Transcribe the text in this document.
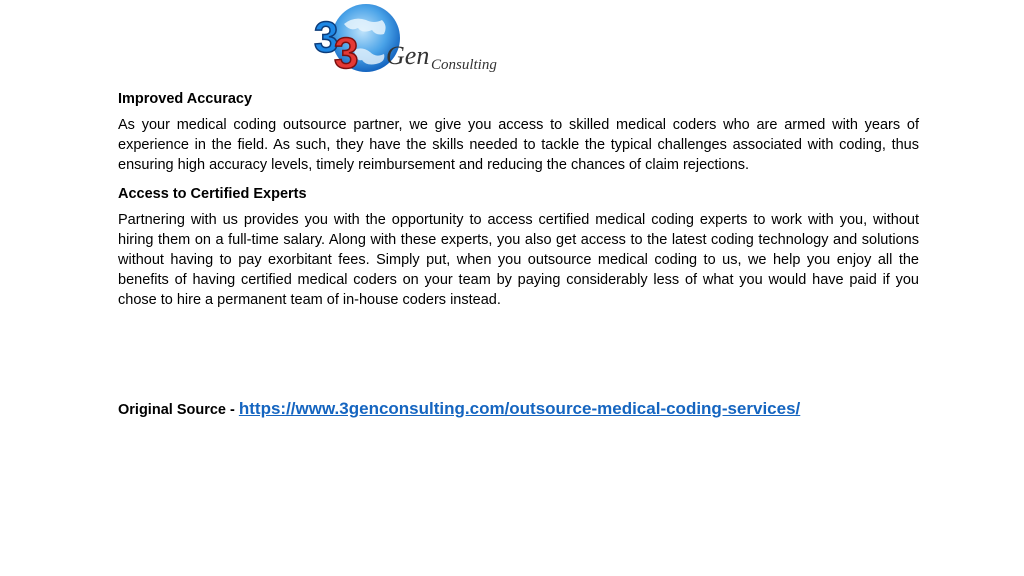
3
3 Gen Consulting
Improved Accuracy

As your medical coding outsource partner, we give you access to skilled medical coders who are armed with years of experience in the field. As such, they have the skills needed to tackle the typical challenges associated with coding, thus ensuring high accuracy levels, timely reimbursement and reducing the chances of claim rejections.

Access to Certified Experts

Partnering with us provides you with the opportunity to access certified medical coding experts to work with you, without hiring them on a full-time salary. Along with these experts, you also get access to the latest coding technology and solutions without having to pay exorbitant fees. Simply put, when you outsource medical coding to us, we help you enjoy all the benefits of having certified medical coders on your team by paying considerably less of what you would have paid if you chose to hire a permanent team of in-house coders instead.

Original Source - https://www.3genconsulting.com/outsource-medical-coding-services/
